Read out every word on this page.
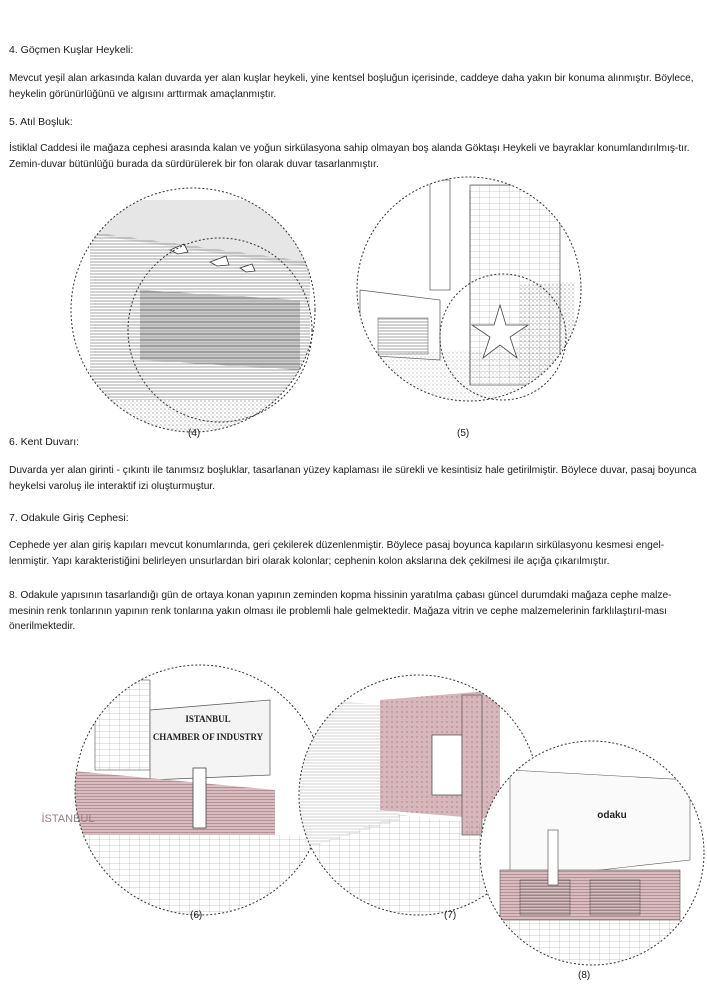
4. Göçmen Kuşlar Heykeli:

Mevcut yeşil alan arkasında kalan duvarda yer alan kuşlar heykeli, yine kentsel boşluğun içerisinde, caddeye daha yakın bir konuma alınmıştır. Böylece, heykelin görünürlüğünü ve algısını arttırmak amaçlanmıştır.

5. Atıl Boşluk:

İstiklal Caddesi ile mağaza cephesi arasında kalan ve yoğun sirkülasyona sahip olmayan boş alanda Göktaşı Heykeli ve bayraklar konumlandırılmış-tır. Zemin-duvar bütünlüğü burada da sürdürülerek bir fon olarak duvar tasarlanmıştır.

6. Kent Duvarı:

Duvarda yer alan girinti - çıkıntı ile tanımsız boşluklar, tasarlanan yüzey kaplaması ile sürekli ve kesintisiz hale getirilmiştir. Böylece duvar, pasaj boyunca heykelsi varoluş ile interaktif izi oluşturmuştur.

7. Odakule Giriş Cephesi:

Cephede yer alan giriş kapıları mevcut konumlarında, geri çekilerek düzenlenmiştir. Böylece pasaj boyunca kapıların sirkülasyonu kesmesi engel-lenmiştir. Yapı karakteristiğini belirleyen unsurlardan biri olarak kolonlar; cephenin kolon akslarına dek çekilmesi ile açığa çıkarılmıştır.

8. Odakule yapısının tasarlandığı gün de ortaya konan yapının zeminden kopma hissinin yaratılma çabası güncel durumdaki mağaza cephe malze-mesinin renk tonlarının yapının renk tonlarına yakın olması ile problemli hale gelmektedir. Mağaza vitrin ve cephe malzemelerinin farklılaştırıl-ması önerilmektedir.

ISTANBUL
CHAMBER OF INDUSTRY
İSTANBUL	odaku
(4)	(5)
(6)	(7)
(8)
